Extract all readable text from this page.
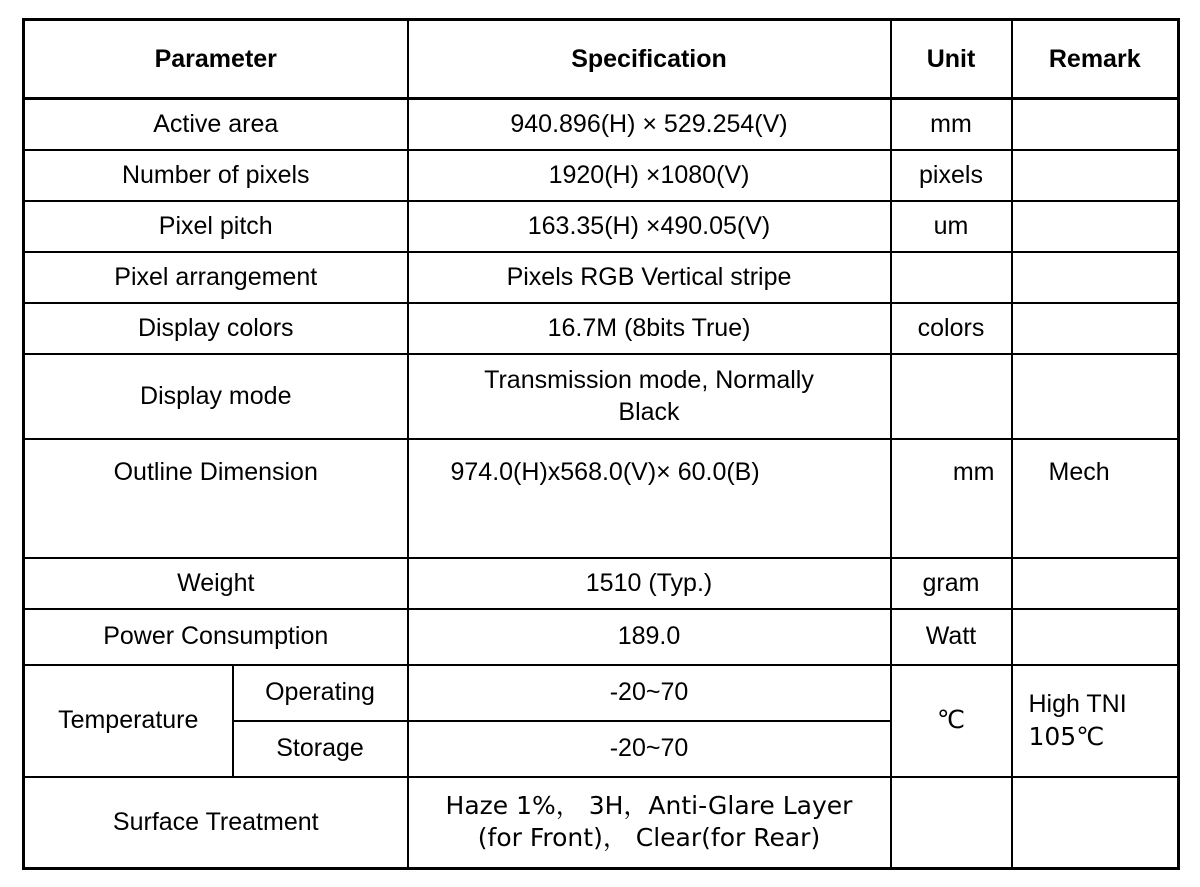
Parameter		Specification	Unit	Remark
Active area		940.896(H) × 529.254(V)	mm	
Number of pixels		1920(H) ×1080(V)	pixels	
Pixel pitch		163.35(H) ×490.05(V)	um	
Pixel arrangement		Pixels RGB Vertical stripe		
Display colors		16.7M (8bits True)	colors	
Display mode		Transmission mode, Normally
Black		

Outline Dimension		974.0(H)x568.0(V)× 60.0(B)	mm	Mech
Weight		1510 (Typ.)	gram	
Power Consumption		189.0	Watt	
Temperature	Operating	-20~70	℃	High TNI
105℃

	Storage	-20~70		
Surface Treatment		Haze 1%， 3H，Anti-Glare Layer
(for Front)， Clear(for Rear)		
